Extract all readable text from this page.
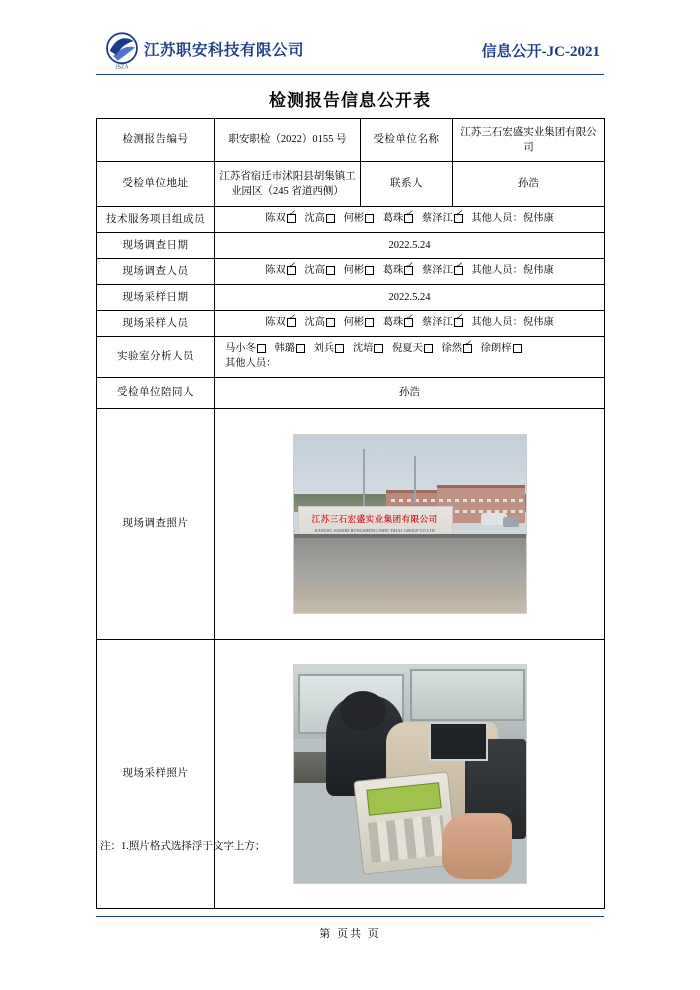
JSZA
江苏职安科技有限公司	信息公开-JC-2021
检测报告信息公开表
检测报告编号	职安职检（2022）0155 号	受检单位名称	江苏三石宏盛实业集团有限公司
受检单位地址	江苏省宿迁市沭阳县胡集镇工业园区（245 省道西侧）	联系人	孙浩
技术服务项目组成员	陈双 ✓ 沈高 何彬 葛珠 ✓ 蔡泽江 ✓ 其他人员：倪伟康

现场调查日期	2022.5.24		
现场调查人员	陈双 ✓ 沈高 何彬 葛珠 ✓ 蔡泽江 ✓ 其他人员：倪伟康

现场采样日期	2022.5.24		
现场采样人员	陈双 ✓ 沈高 何彬 葛珠 ✓ 蔡泽江 ✓ 其他人员：倪伟康

实验室分析人员	马小冬 韩璐 刘兵 沈培 倪夏天 徐然 ✓ 徐朗梓
其他人员：

受检单位陪同人	孙浩		
现场调查照片	江苏三石宏盛实业集团有限公司
JIANGSU SANSHI HONGSHENG INDU TRIAL GROUP CO LTD		

现场采样照片			
注：1.照片格式选择浮于文字上方；
第 页共 页
